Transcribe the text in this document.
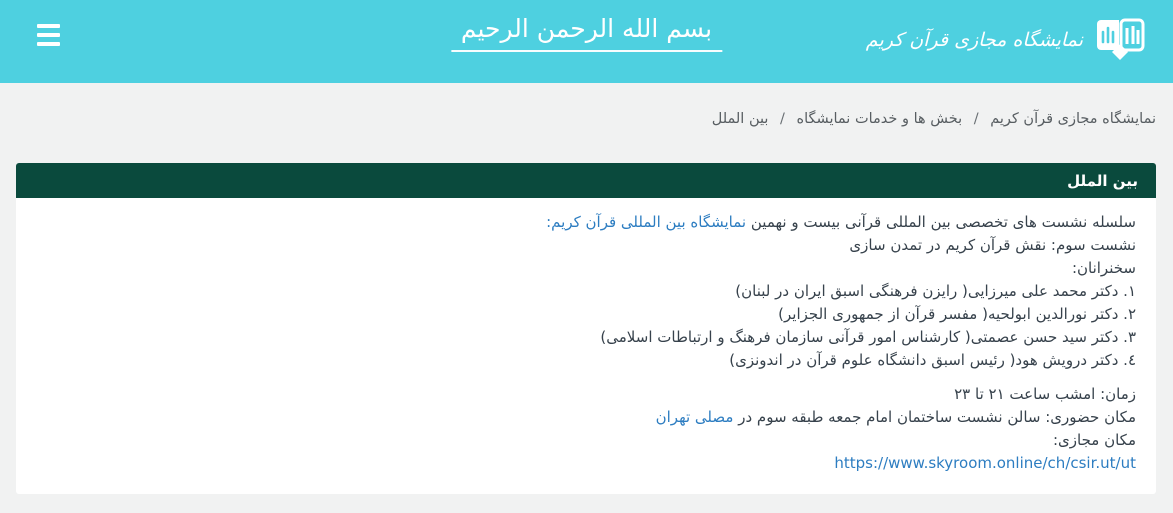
بسم الله الرحمن الرحيم	نمایشگاه مجازی قرآن کریم
نمایشگاه مجازی قرآن کریم / بخش ها و خدمات نمایشگاه / بین الملل
بین الملل
سلسله نشست های تخصصی بین المللی قرآنی بیست و نهمین نمایشگاه بین المللی قرآن کریم:
نشست سوم: نقش قرآن کریم در تمدن سازی
سخنرانان:
۱. دکتر محمد علی میرزایی( رایزن فرهنگی اسبق ایران در لبنان)
۲. دکتر نورالدین ابولحیه( مفسر قرآن از جمهوری الجزایر)
۳. دکتر سید حسن عصمتی( کارشناس امور قرآنی سازمان فرهنگ و ارتباطات اسلامی)
٤. دکتر درویش هود( رئیس اسبق دانشگاه علوم قرآن در اندونزی)
زمان: امشب ساعت ۲۱ تا ۲۳
مکان حضوری: سالن نشست ساختمان امام جمعه طبقه سوم در مصلی تهران
مکان مجازی:
https://www.skyroom.online/ch/csir.ut/ut
